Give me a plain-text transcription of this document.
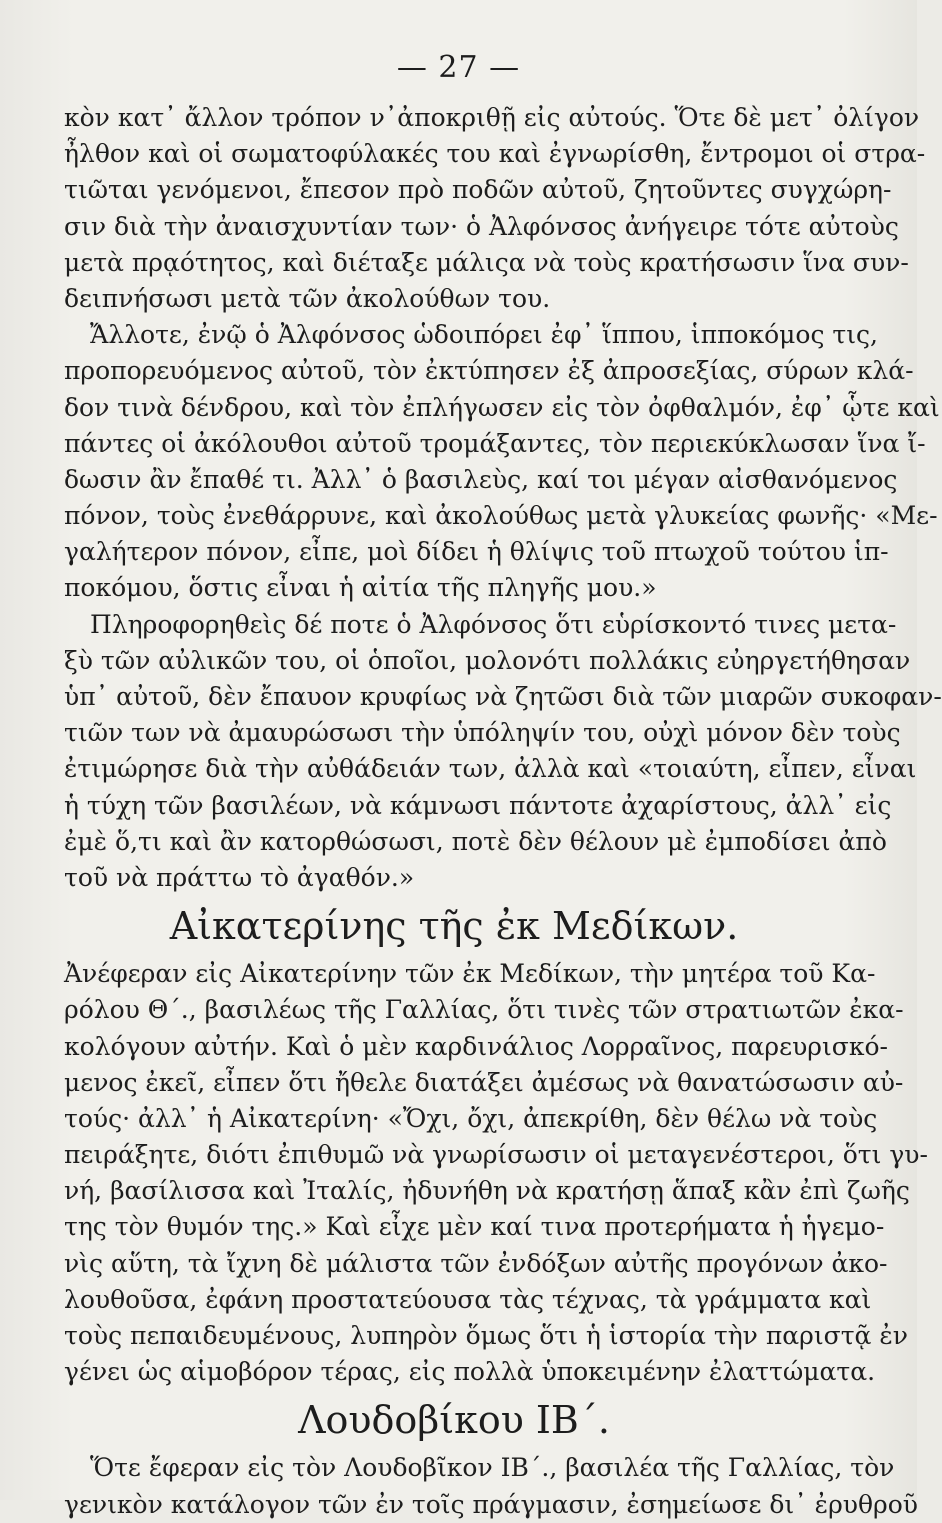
— 27 —
κὸν κατ᾽ ἄλλον τρόπον ν᾽ἀποκριθῇ εἰς αὐτούς. Ὅτε δὲ μετ᾽ ὀλίγον
ἦλθον καὶ οἱ σωματοφύλακές του καὶ ἐγνωρίσθη, ἔντρομοι οἱ στρα-
τιῶται γενόμενοι, ἔπεσον πρὸ ποδῶν αὐτοῦ, ζητοῦντες συγχώρη-
σιν διὰ τὴν ἀναισχυντίαν των· ὁ Ἀλφόνσος ἀνήγειρε τότε αὐτοὺς
μετὰ πρᾳότητος, καὶ διέταξε μάλιςα νὰ τοὺς κρατήσωσιν ἵνα συν-
δειπνήσωσι μετὰ τῶν ἀκολούθων του.
Ἄλλοτε, ἐνῷ ὁ Ἀλφόνσος ὡδοιπόρει ἐφ᾽ ἵππου, ἱπποκόμος τις,
προπορευόμενος αὐτοῦ, τὸν ἐκτύπησεν ἐξ ἀπροσεξίας, σύρων κλά-
δον τινὰ δένδρου, καὶ τὸν ἐπλήγωσεν εἰς τὸν ὀφθαλμόν, ἐφ᾽ ᾧτε καὶ
πάντες οἱ ἀκόλουθοι αὐτοῦ τρομάξαντες, τὸν περιεκύκλωσαν ἵνα ἴ-
δωσιν ἂν ἔπαθέ τι. Ἀλλ᾽ ὁ βασιλεὺς, καί τοι μέγαν αἰσθανόμενος
πόνον, τοὺς ἐνεθάρρυνε, καὶ ἀκολούθως μετὰ γλυκείας φωνῆς· «Με-
γαλήτερον πόνον, εἶπε, μοὶ δίδει ἡ θλίψις τοῦ πτωχοῦ τούτου ἱπ-
ποκόμου, ὅστις εἶναι ἡ αἰτία τῆς πληγῆς μου.»
Πληροφορηθεὶς δέ ποτε ὁ Ἀλφόνσος ὅτι εὑρίσκοντό τινες μετα-
ξὺ τῶν αὐλικῶν του, οἱ ὁποῖοι, μολονότι πολλάκις εὐηργετήθησαν
ὑπ᾽ αὐτοῦ, δὲν ἔπαυον κρυφίως νὰ ζητῶσι διὰ τῶν μιαρῶν συκοφαν-
τιῶν των νὰ ἀμαυρώσωσι τὴν ὑπόληψίν του, οὐχὶ μόνον δὲν τοὺς
ἐτιμώρησε διὰ τὴν αὐθάδειάν των, ἀλλὰ καὶ «τοιαύτη, εἶπεν, εἶναι
ἡ τύχη τῶν βασιλέων, νὰ κάμνωσι πάντοτε ἀχαρίστους, ἀλλ᾽ εἰς
ἐμὲ ὅ,τι καὶ ἂν κατορθώσωσι, ποτὲ δὲν θέλουν μὲ ἐμποδίσει ἀπὸ
τοῦ νὰ πράττω τὸ ἀγαθόν.»
Αἰκατερίνης τῆς ἐκ Μεδίκων.
Ἀνέφεραν εἰς Αἰκατερίνην τῶν ἐκ Μεδίκων, τὴν μητέρα τοῦ Κα-
ρόλου Θ΄., βασιλέως τῆς Γαλλίας, ὅτι τινὲς τῶν στρατιωτῶν ἐκα-
κολόγουν αὐτήν. Καὶ ὁ μὲν καρδινάλιος Λορραῖνος, παρευρισκό-
μενος ἐκεῖ, εἶπεν ὅτι ἤθελε διατάξει ἀμέσως νὰ θανατώσωσιν αὐ-
τούς· ἀλλ᾽ ἡ Αἰκατερίνη· «Ὄχι, ὄχι, ἀπεκρίθη, δὲν θέλω νὰ τοὺς
πειράξητε, διότι ἐπιθυμῶ νὰ γνωρίσωσιν οἱ μεταγενέστεροι, ὅτι γυ-
νή, βασίλισσα καὶ Ἰταλίς, ἠδυνήθη νὰ κρατήσῃ ἅπαξ κἂν ἐπὶ ζωῆς
της τὸν θυμόν της.» Καὶ εἶχε μὲν καί τινα προτερήματα ἡ ἡγεμο-
νὶς αὕτη, τὰ ἴχνη δὲ μάλιστα τῶν ἐνδόξων αὐτῆς προγόνων ἀκο-
λουθοῦσα, ἐφάνη προστατεύουσα τὰς τέχνας, τὰ γράμματα καὶ
τοὺς πεπαιδευμένους, λυπηρὸν ὅμως ὅτι ἡ ἱστορία τὴν παριστᾷ ἐν
γένει ὡς αἱμοβόρον τέρας, εἰς πολλὰ ὑποκειμένην ἐλαττώματα.
Λουδοβίκου ΙΒ΄.
Ὅτε ἔφεραν εἰς τὸν Λουδοβῖκον ΙΒ΄., βασιλέα τῆς Γαλλίας, τὸν
γενικὸν κατάλογον τῶν ἐν τοῖς πράγμασιν, ἐσημείωσε δι᾽ ἐρυθροῦ
